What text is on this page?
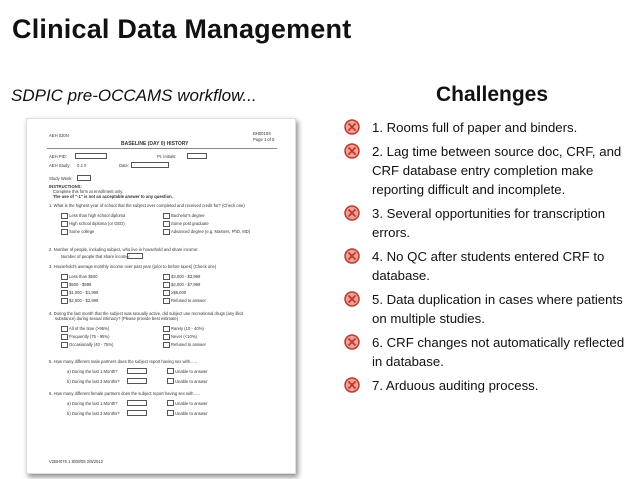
Clinical Data Management
SDPIC pre-OCCAMS workflow...	Challenges
AEH 020N	BH0010S
Page 1 of 5
BASELINE (DAY 0) HISTORY
AEH PID:	Pt. Initials:
AEH Study: 0 2 0	Date:
Study Week:
INSTRUCTIONS:
Complete this form at enrollment only.
The use of "-1" is not an acceptable answer to any question.
1. What is the highest year of school that the subject ever completed and received credit for? (Check one)
Less than high school diploma
High school diploma (or GED)
Some college
Bachelor's degree
Some post graduate
Advanced degree (e.g. Masters, PhD, MD)
2. Number of people, including subject, who live in household and share income:
Number of people that share income:
3. Household's average monthly income over past year (prior to before taxes) (Check one)
Less than $500
$500 - $999
$1,000 - $1,999
$2,000 - $2,999
$3,000 - $3,999
$4,000 - $7,999
≥$8,000
Refused to answer
4. During the last month that the subject was sexually active, did subject use recreational drugs (any illicit
substance) during sexual intimacy? (Please provide best estimate)
All of the time (>95%)
Frequently (75 - 95%)
Occasionally (40 - 75%)
Rarely (10 - 40%)
Never (<10%)
Refused to answer
5. How many different male partners does the subject report having sex with......
a) During the last 1 Month?	Unable to answer
b) During the last 3 Months?	Unable to answer
6. How many different female partners does the subject report having sex with......
a) During the last 1 Month?	Unable to answer
b) During the last 3 Months?	Unable to answer
V2BH076 1 8/08/08 2/8/2012
1. Rooms full of paper and binders.
2. Lag time between source doc, CRF, and CRF database entry completion make reporting difficult and incomplete.
3. Several opportunities for transcription errors.
4. No QC after students entered CRF to database.
5. Data duplication in cases where patients on multiple studies.
6. CRF changes not automatically reflected in database.
7. Arduous auditing process.
